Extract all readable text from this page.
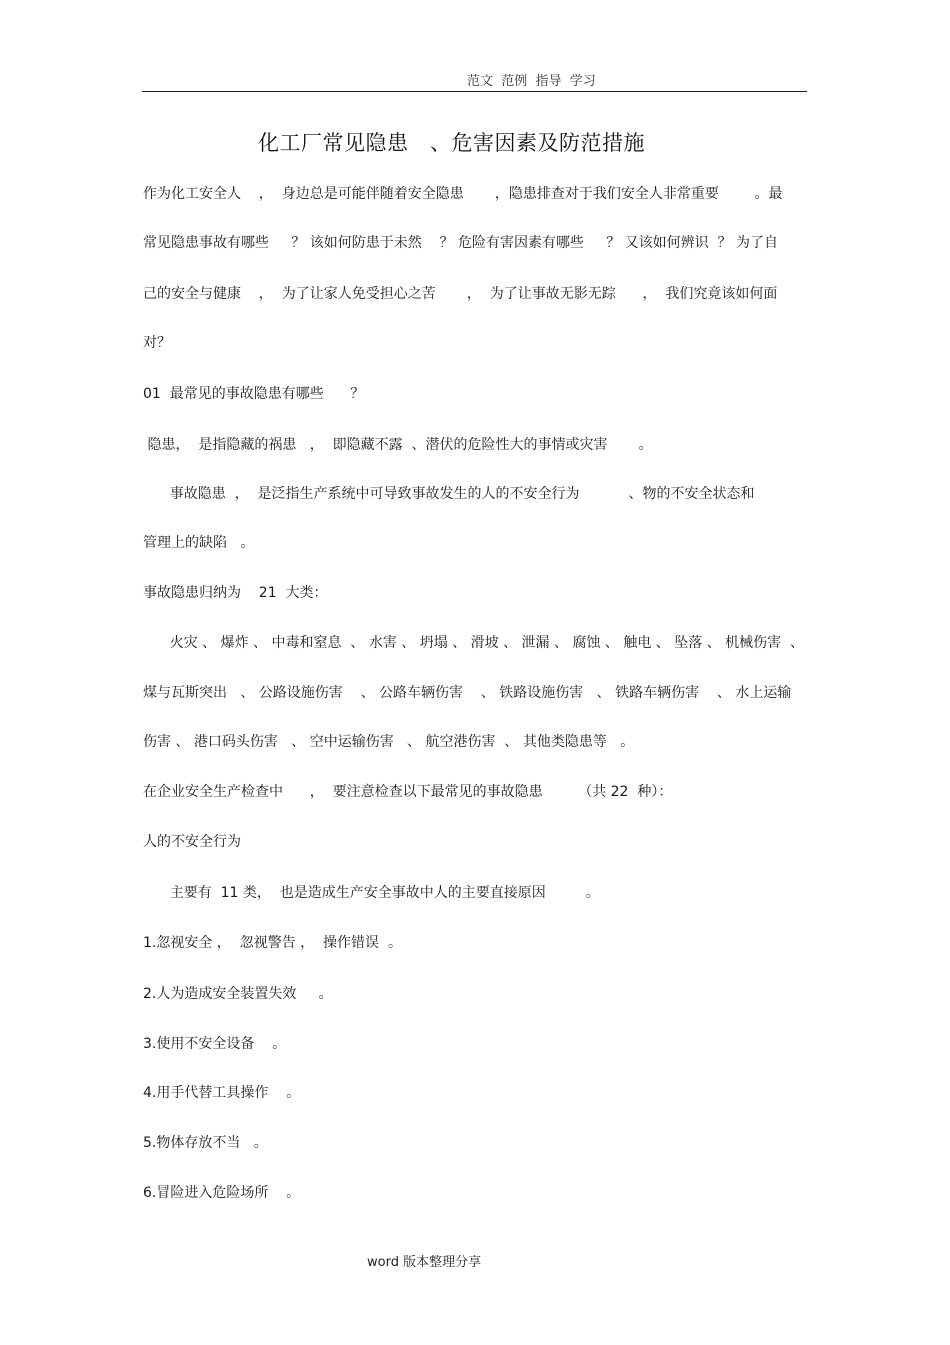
范文  范例  指导  学习
化工厂常见隐患   、危害因素及防范措施
作为化工安全人    ，  身边总是可能伴随着安全隐患       ，隐患排查对于我们安全人非常重要        。最
常见隐患事故有哪些     ？ 该如何防患于未然    ？ 危险有害因素有哪些     ？ 又该如何辨识  ？ 为了自
己的安全与健康    ，  为了让家人免受担心之苦       ，  为了让事故无影无踪      ，  我们究竟该如何面
对？
01  最常见的事故隐患有哪些      ？
隐患，  是指隐藏的祸患   ，  即隐藏不露  、潜伏的危险性大的事情或灾害       。
事故隐患  ，  是泛指生产系统中可导致事故发生的人的不安全行为           、物的不安全状态和
管理上的缺陷   。
事故隐患归纳为    21  大类：
火灾 、 爆炸 、 中毒和窒息  、 水害 、 坍塌 、 滑坡 、 泄漏 、 腐蚀 、 触电 、 坠落 、 机械伤害  、
煤与瓦斯突出   、 公路设施伤害    、 公路车辆伤害    、 铁路设施伤害   、 铁路车辆伤害    、 水上运输
伤害 、 港口码头伤害   、 空中运输伤害   、 航空港伤害  、 其他类隐患等   。
在企业安全生产检查中      ，  要注意检查以下最常见的事故隐患        （共 22  种）：
人的不安全行为
主要有  11 类，  也是造成生产安全事故中人的主要直接原因         。
1.忽视安全 ，  忽视警告 ，  操作错误  。
2.人为造成安全装置失效     。
3.使用不安全设备    。
4.用手代替工具操作    。
5.物体存放不当   。
6.冒险进入危险场所    。
word 版本整理分享
